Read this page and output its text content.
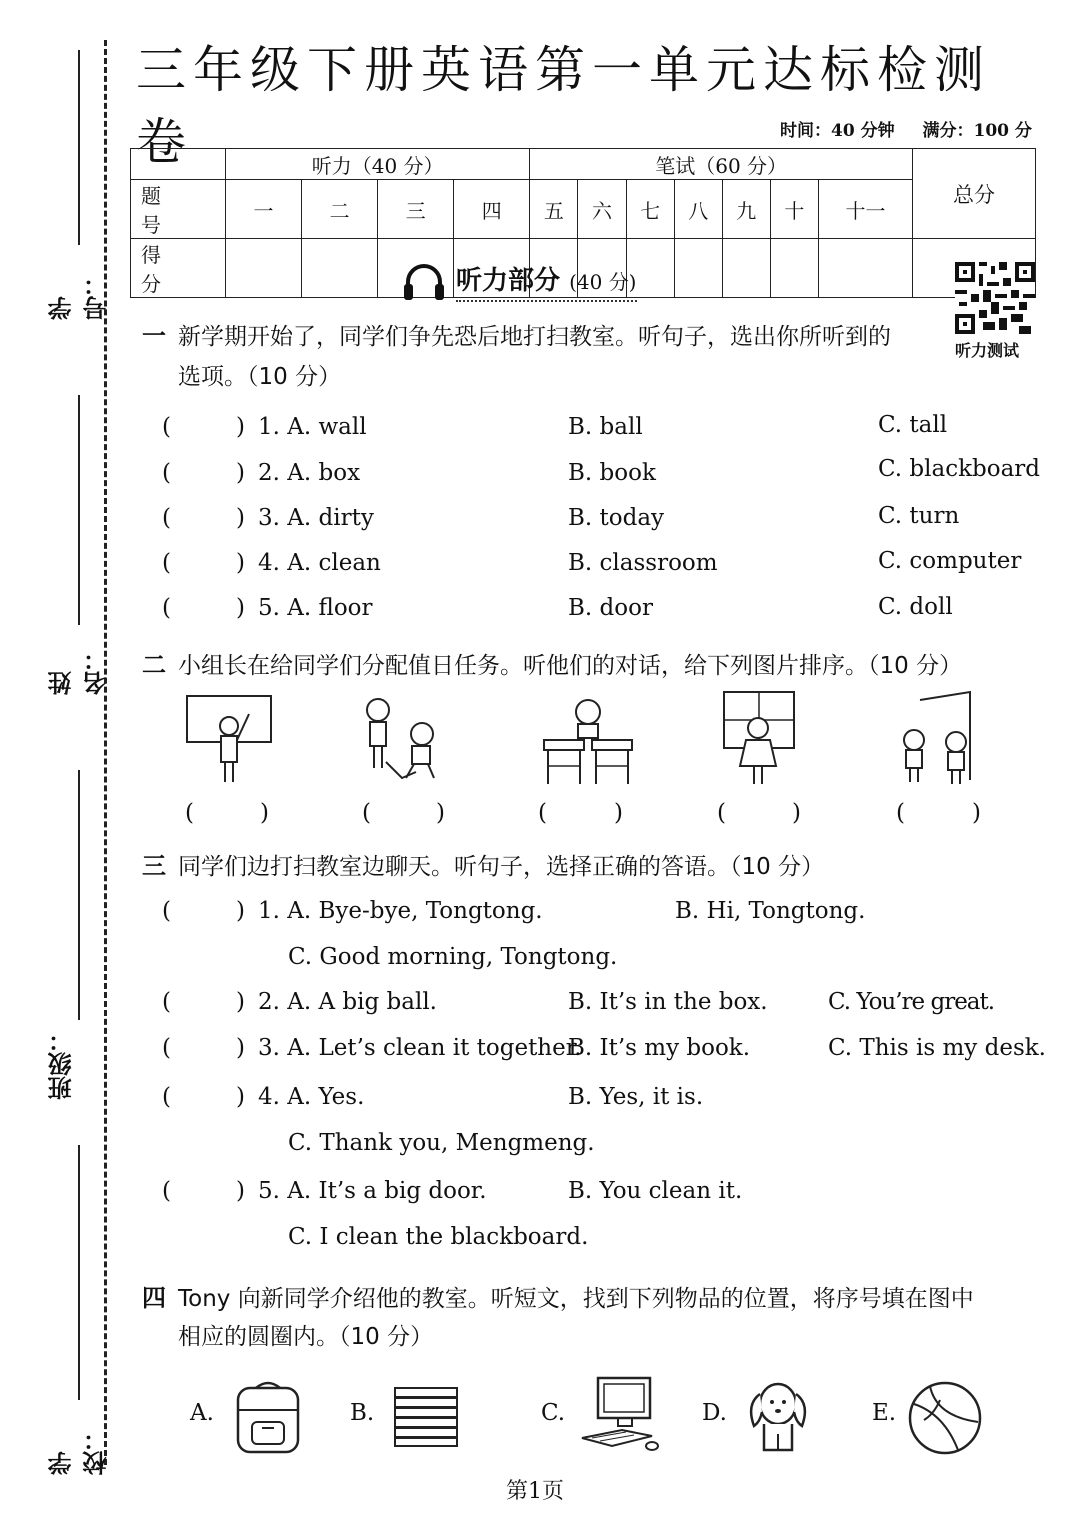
学号：
姓名：
班级：
学校：
三年级下册英语第一单元达标检测卷	时间：40 分钟 满分：100 分
	听力（40 分）				笔试（60 分）							总分
题 号	一	二	三	四	五	六	七	八	九	十	十一	
得 分													听力部分 (40 分)
听力测试
一 新学期开始了，同学们争先恐后地打扫教室。听句子，选出你所听到的
选项。（10 分）
(	) 1. A. wall	B. ball	C. tall
(	) 2. A. box	B. book	C. blackboard
(	) 3. A. dirty	B. today	C. turn
(	) 4. A. clean	B. classroom	C. computer
(	) 5. A. floor	B. door	C. doll
二 小组长在给同学们分配值日任务。听他们的对话，给下列图片排序。（10 分）
(	)	(	)	(	)	(	)	(	)
三 同学们边打扫教室边聊天。听句子，选择正确的答语。（10 分）
(	) 1. A. Bye-bye, Tongtong.	B. Hi, Tongtong.
C. Good morning, Tongtong.
(	) 2. A. A big ball.	B. It’s in the box.	C. You’re great.
(	) 3. A. Let’s clean it together.
B. It’s my book.	C. This is my desk.
(	) 4. A. Yes.	B. Yes, it is.
C. Thank you, Mengmeng.
(	) 5. A. It’s a big door.	B. You clean it.
C. I clean the blackboard.
四 Tony 向新同学介绍他的教室。听短文，找到下列物品的位置，将序号填在图中
相应的圆圈内。（10 分）
A.	B.	C.	D.	E.
第1页
